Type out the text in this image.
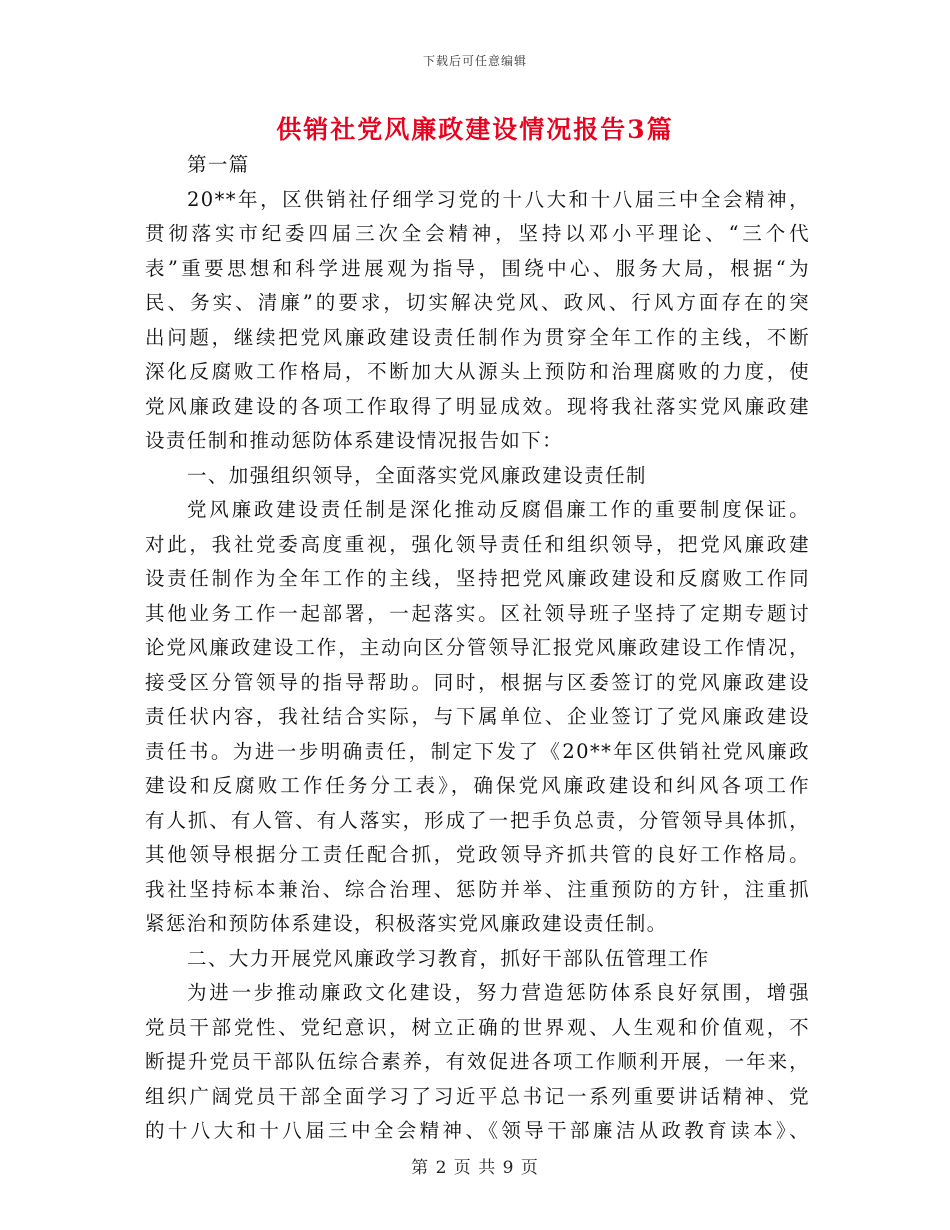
下载后可任意编辑
供销社党风廉政建设情况报告3篇
第一篇
20**年，区供销社仔细学习党的十八大和十八届三中全会精神，
贯彻落实市纪委四届三次全会精神，坚持以邓小平理论、“三个代
表”重要思想和科学进展观为指导，围绕中心、服务大局，根据“为
民、务实、清廉”的要求，切实解决党风、政风、行风方面存在的突
出问题，继续把党风廉政建设责任制作为贯穿全年工作的主线，不断
深化反腐败工作格局，不断加大从源头上预防和治理腐败的力度，使
党风廉政建设的各项工作取得了明显成效。现将我社落实党风廉政建
设责任制和推动惩防体系建设情况报告如下：
一、加强组织领导，全面落实党风廉政建设责任制
党风廉政建设责任制是深化推动反腐倡廉工作的重要制度保证。
对此，我社党委高度重视，强化领导责任和组织领导，把党风廉政建
设责任制作为全年工作的主线，坚持把党风廉政建设和反腐败工作同
其他业务工作一起部署，一起落实。区社领导班子坚持了定期专题讨
论党风廉政建设工作，主动向区分管领导汇报党风廉政建设工作情况，
接受区分管领导的指导帮助。同时，根据与区委签订的党风廉政建设
责任状内容，我社结合实际，与下属单位、企业签订了党风廉政建设
责任书。为进一步明确责任，制定下发了《20**年区供销社党风廉政
建设和反腐败工作任务分工表》，确保党风廉政建设和纠风各项工作
有人抓、有人管、有人落实，形成了一把手负总责，分管领导具体抓，
其他领导根据分工责任配合抓，党政领导齐抓共管的良好工作格局。
我社坚持标本兼治、综合治理、惩防并举、注重预防的方针，注重抓
紧惩治和预防体系建设，积极落实党风廉政建设责任制。
二、大力开展党风廉政学习教育，抓好干部队伍管理工作
为进一步推动廉政文化建设，努力营造惩防体系良好氛围，增强
党员干部党性、党纪意识，树立正确的世界观、人生观和价值观，不
断提升党员干部队伍综合素养，有效促进各项工作顺利开展，一年来，
组织广阔党员干部全面学习了习近平总书记一系列重要讲话精神、党
的十八大和十八届三中全会精神、《领导干部廉洁从政教育读本》、
第 2 页 共 9 页
